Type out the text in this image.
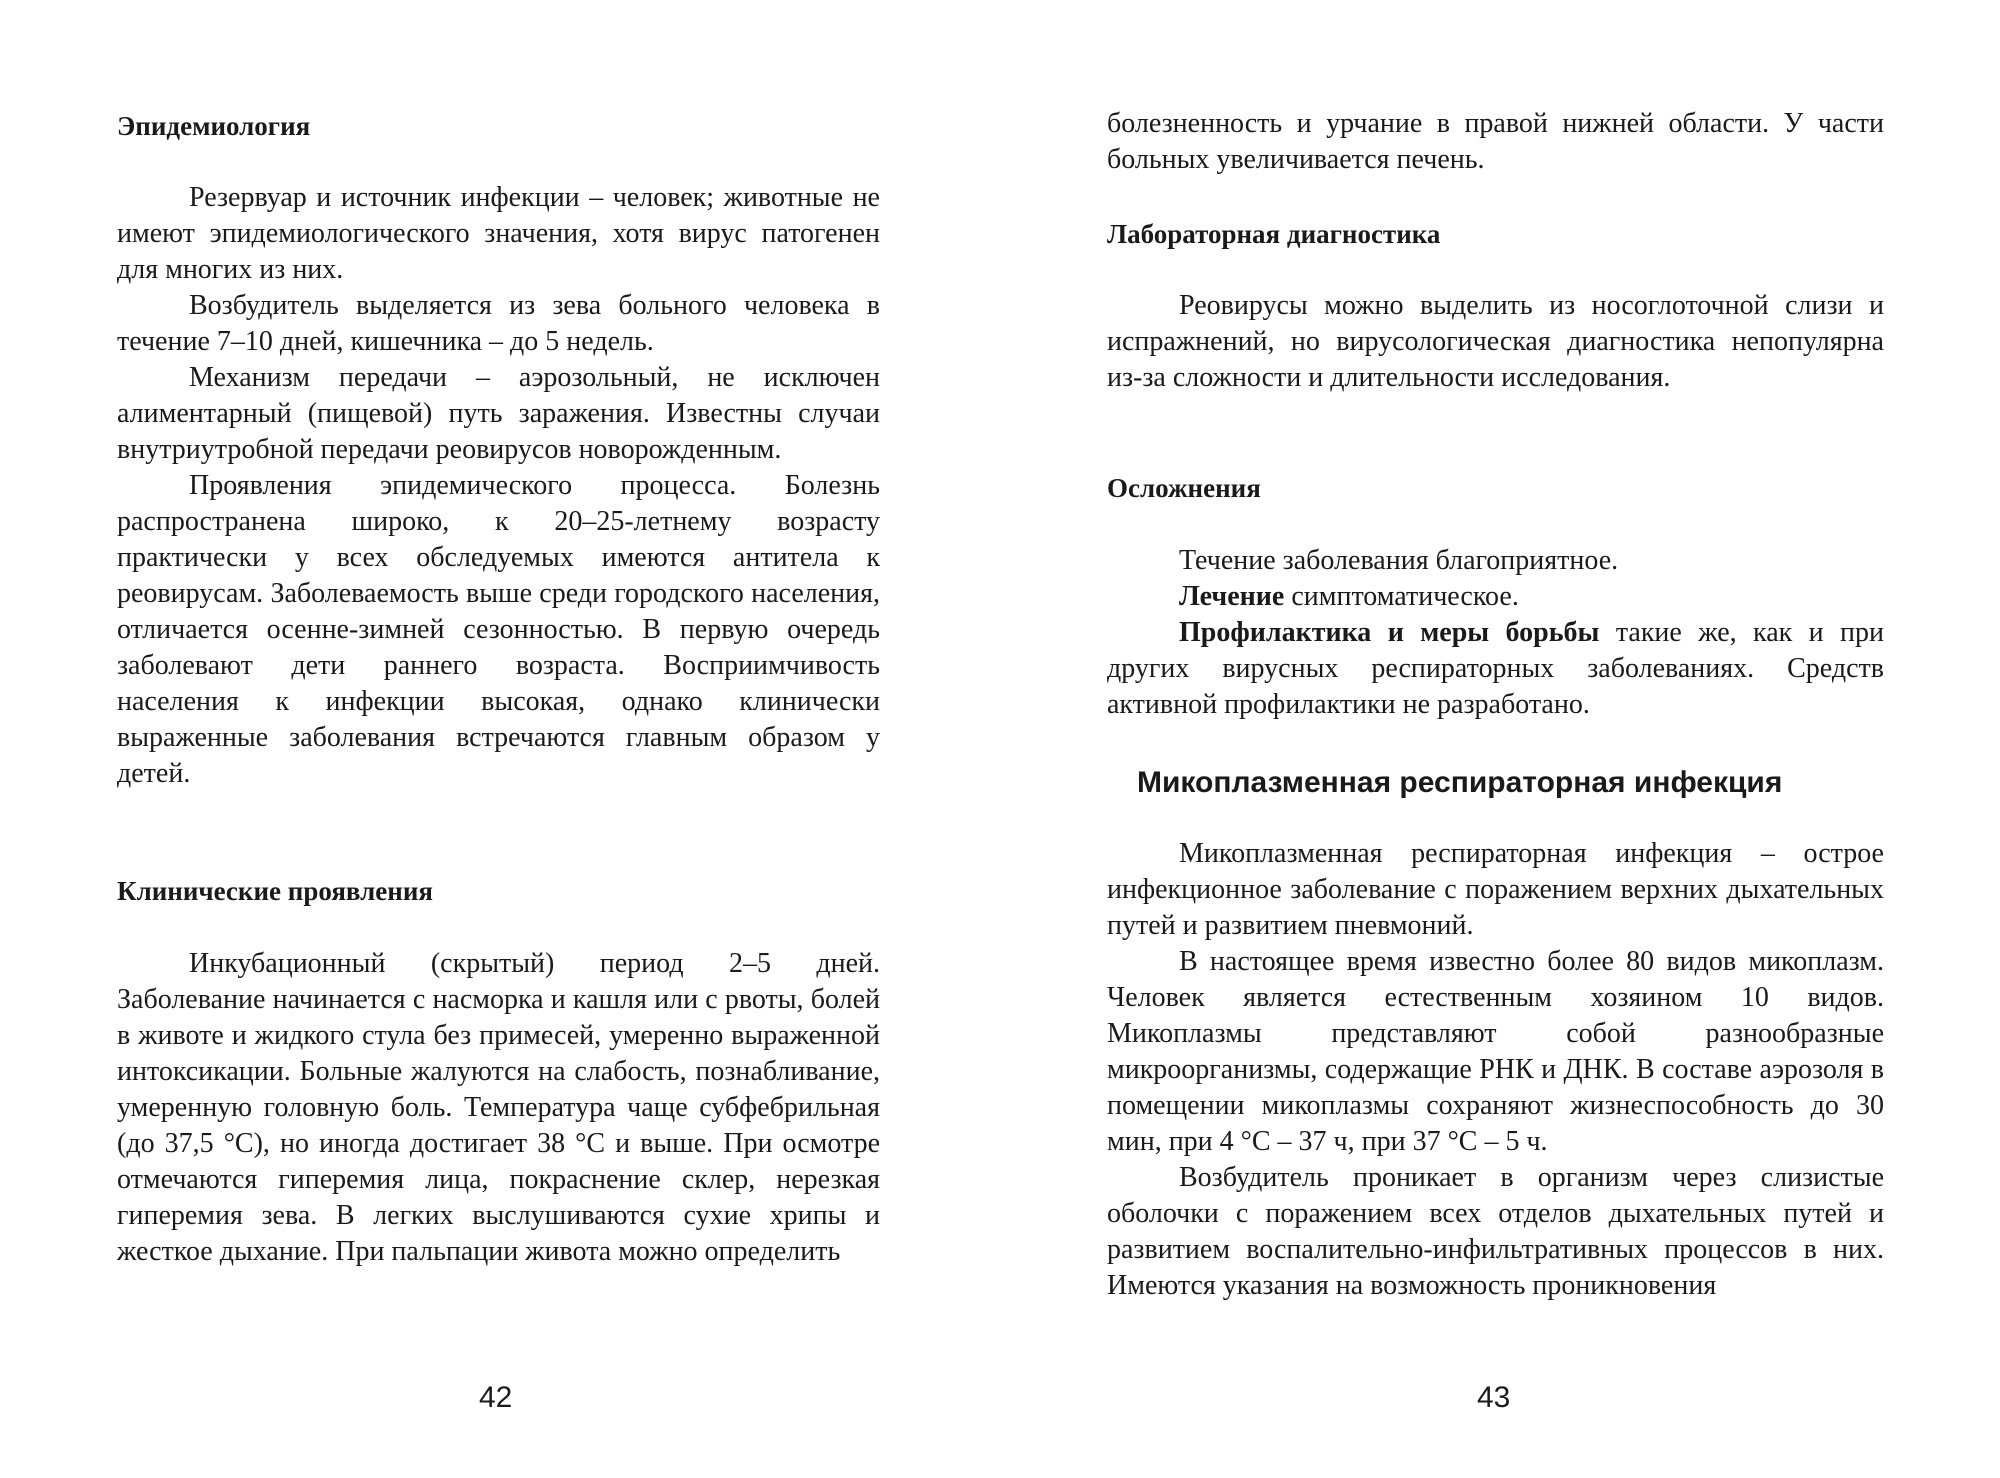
Эпидемиология

Резервуар и источник инфекции – человек; животные не имеют эпидемиологического значения, хотя вирус патогенен для многих из них.

Возбудитель выделяется из зева больного человека в течение 7–10 дней, кишечника – до 5 недель.

Механизм передачи – аэрозольный, не исключен алиментарный (пищевой) путь заражения. Известны случаи внутриутробной передачи реовирусов новорожденным.

Проявления эпидемического процесса. Болезнь распространена широко, к 20–25-летнему возрасту практически у всех обследуемых имеются антитела к реовирусам. Заболеваемость выше среди городского населения, отличается осенне-зимней сезонностью. В первую очередь заболевают дети раннего возраста. Восприимчивость населения к инфекции высокая, однако клинически выраженные заболевания встречаются главным образом у детей.

Клинические проявления

Инкубационный (скрытый) период 2–5 дней. Заболевание начинается с насморка и кашля или с рвоты, болей в животе и жидкого стула без примесей, умеренно выраженной интоксикации. Больные жалуются на слабость, познабливание, умеренную головную боль. Температура чаще субфебрильная (до 37,5 °С), но иногда достигает 38 °С и выше. При осмотре отмечаются гиперемия лица, покраснение склер, нерезкая гиперемия зева. В легких выслушиваются сухие хрипы и жесткое дыхание. При пальпации живота можно определить

42

болезненность и урчание в правой нижней области. У части больных увеличивается печень.

Лабораторная диагностика

Реовирусы можно выделить из носоглоточной слизи и испражнений, но вирусологическая диагностика непопулярна из-за сложности и длительности исследования.

Осложнения

Течение заболевания благоприятное.

Лечение симптоматическое.

Профилактика и меры борьбы такие же, как и при других вирусных респираторных заболеваниях. Средств активной профилактики не разработано.

Микоплазменная респираторная инфекция

Микоплазменная респираторная инфекция – острое инфекционное заболевание с поражением верхних дыхательных путей и развитием пневмоний.

В настоящее время известно более 80 видов микоплазм. Человек является естественным хозяином 10 видов. Микоплазмы представляют собой разнообразные микроорганизмы, содержащие РНК и ДНК. В составе аэрозоля в помещении микоплазмы сохраняют жизнеспособность до 30 мин, при 4 °С – 37 ч, при 37 °С – 5 ч.

Возбудитель проникает в организм через слизистые оболочки с поражением всех отделов дыхательных путей и развитием воспалительно-инфильтративных процессов в них. Имеются указания на возможность проникновения

43
